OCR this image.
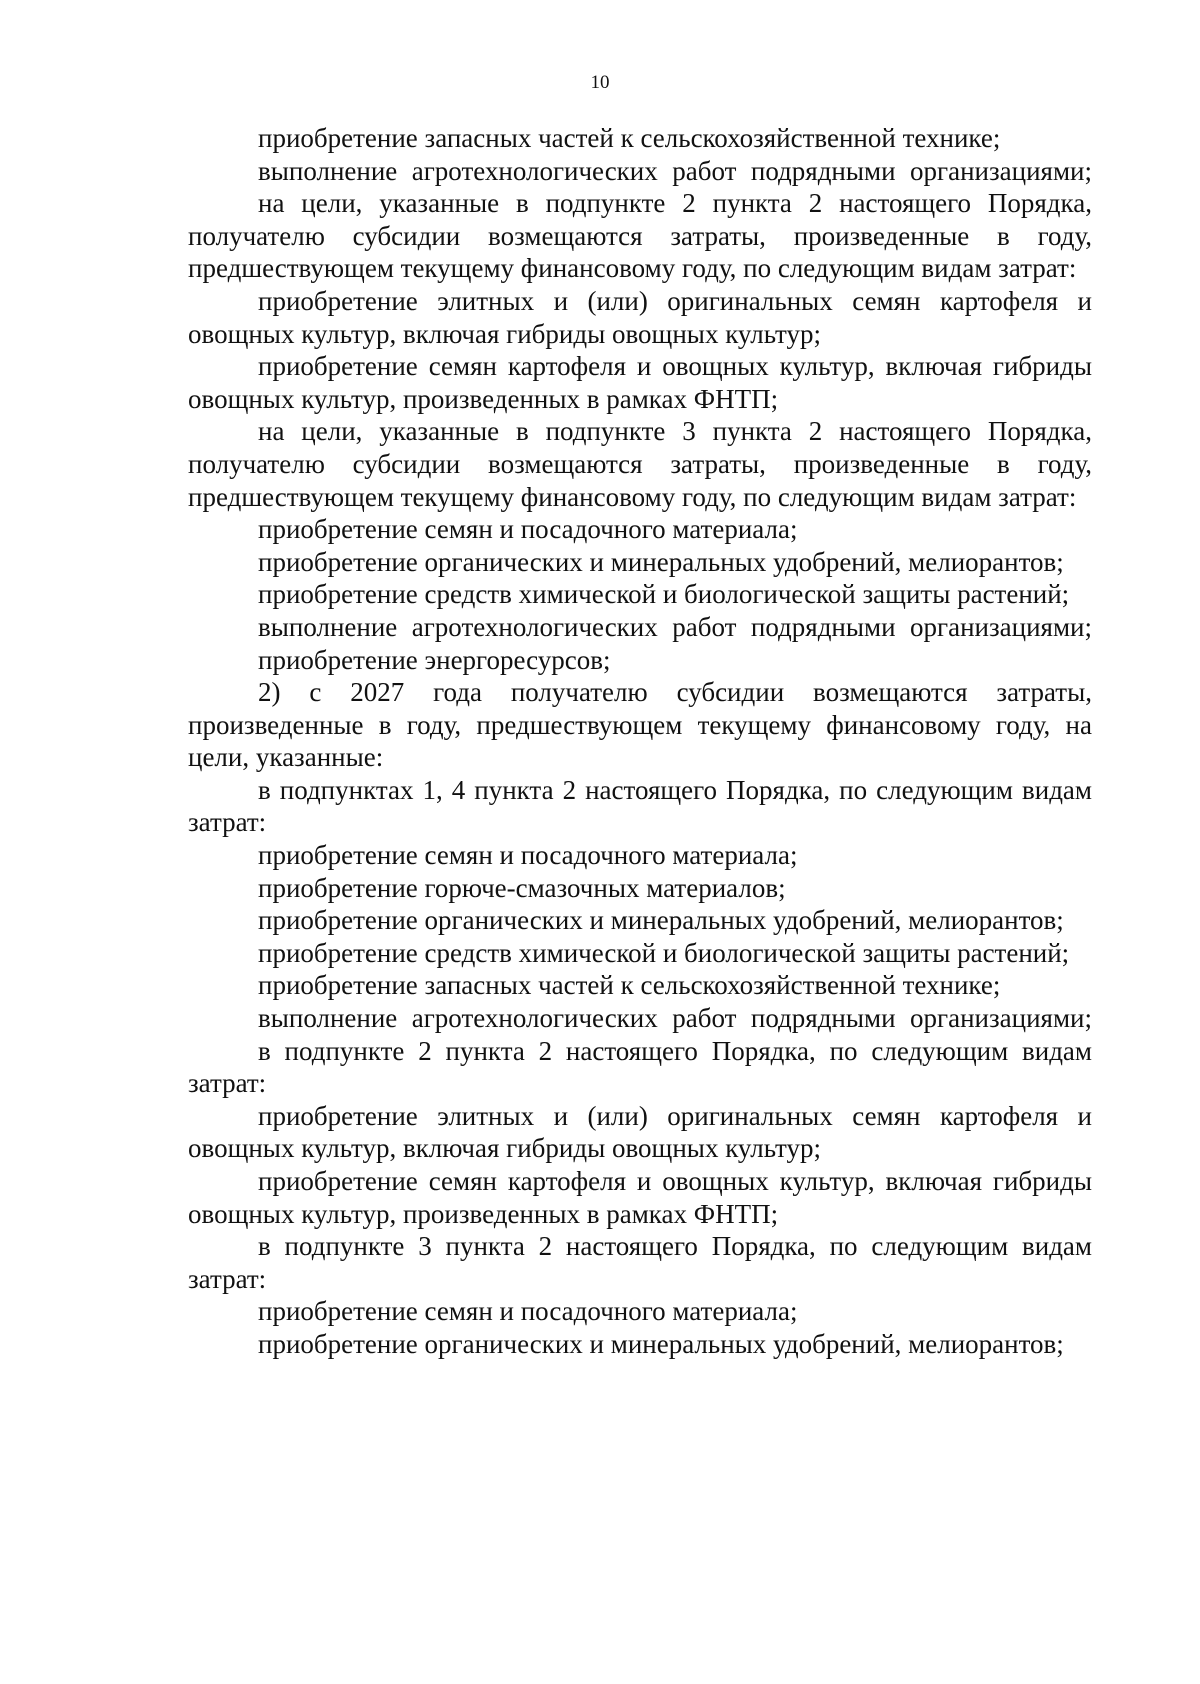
10

приобретение запасных частей к сельскохозяйственной технике;

выполнение агротехнологических работ подрядными организациями;

на цели, указанные в подпункте 2 пункта 2 настоящего Порядка, получателю субсидии возмещаются затраты, произведенные в году, предшествующем текущему финансовому году, по следующим видам затрат:

приобретение элитных и (или) оригинальных семян картофеля и овощных культур, включая гибриды овощных культур;

приобретение семян картофеля и овощных культур, включая гибриды овощных культур, произведенных в рамках ФНТП;

на цели, указанные в подпункте 3 пункта 2 настоящего Порядка, получателю субсидии возмещаются затраты, произведенные в году, предшествующем текущему финансовому году, по следующим видам затрат:

приобретение семян и посадочного материала;

приобретение органических и минеральных удобрений, мелиорантов;

приобретение средств химической и биологической защиты растений;

выполнение агротехнологических работ подрядными организациями;

приобретение энергоресурсов;

2) с 2027 года получателю субсидии возмещаются затраты, произведенные в году, предшествующем текущему финансовому году, на цели, указанные:

в подпунктах 1, 4 пункта 2 настоящего Порядка, по следующим видам затрат:

приобретение семян и посадочного материала;

приобретение горюче-смазочных материалов;

приобретение органических и минеральных удобрений, мелиорантов;

приобретение средств химической и биологической защиты растений;

приобретение запасных частей к сельскохозяйственной технике;

выполнение агротехнологических работ подрядными организациями;

в подпункте 2 пункта 2 настоящего Порядка, по следующим видам затрат:

приобретение элитных и (или) оригинальных семян картофеля и овощных культур, включая гибриды овощных культур;

приобретение семян картофеля и овощных культур, включая гибриды овощных культур, произведенных в рамках ФНТП;

в подпункте 3 пункта 2 настоящего Порядка, по следующим видам затрат:

приобретение семян и посадочного материала;

приобретение органических и минеральных удобрений, мелиорантов;
